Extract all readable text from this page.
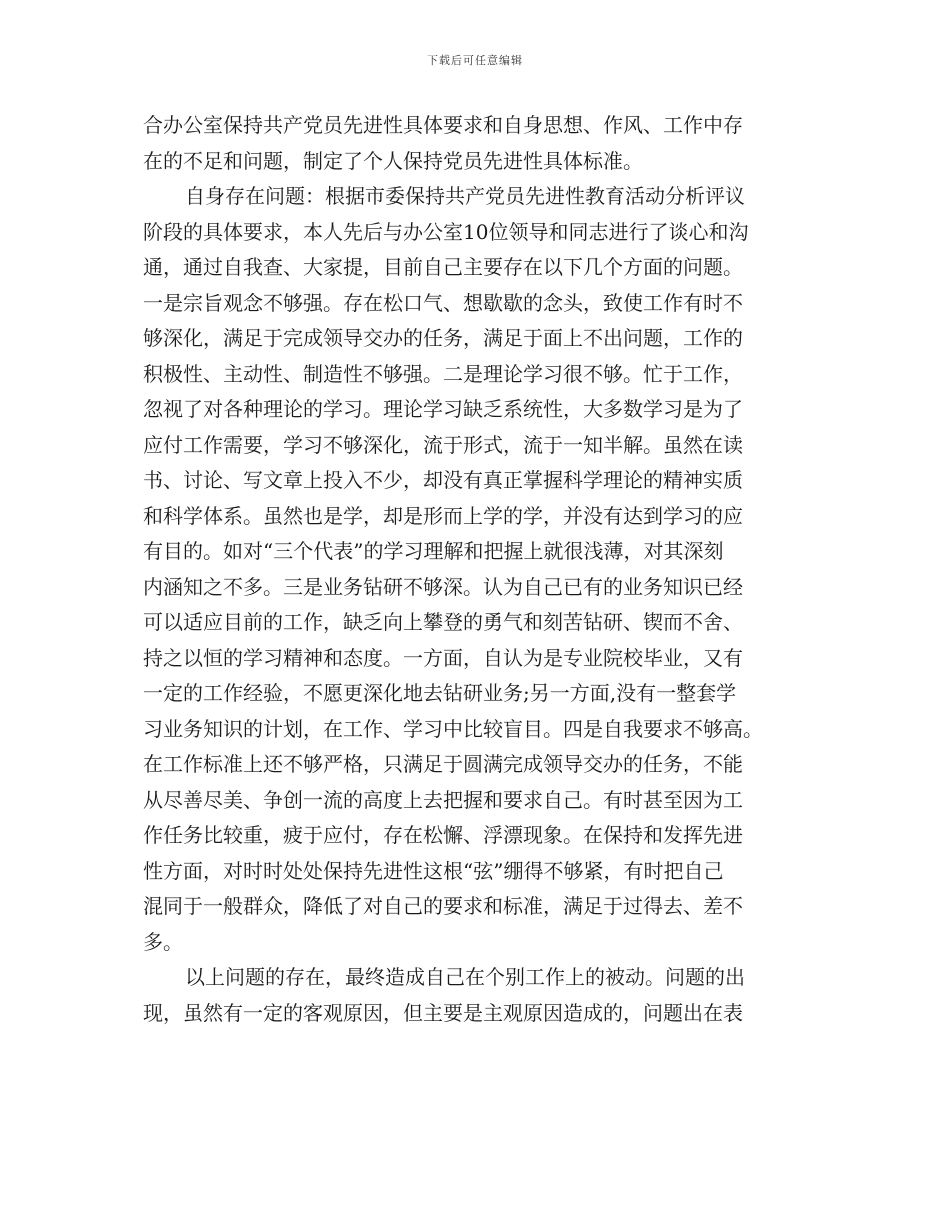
下载后可任意编辑
合办公室保持共产党员先进性具体要求和自身思想、作风、工作中存
在的不足和问题，制定了个人保持党员先进性具体标准。
自身存在问题：根据市委保持共产党员先进性教育活动分析评议
阶段的具体要求，本人先后与办公室10位领导和同志进行了谈心和沟
通，通过自我查、大家提，目前自己主要存在以下几个方面的问题。
一是宗旨观念不够强。存在松口气、想歇歇的念头，致使工作有时不
够深化，满足于完成领导交办的任务，满足于面上不出问题，工作的
积极性、主动性、制造性不够强。二是理论学习很不够。忙于工作，
忽视了对各种理论的学习。理论学习缺乏系统性，大多数学习是为了
应付工作需要，学习不够深化，流于形式，流于一知半解。虽然在读
书、讨论、写文章上投入不少，却没有真正掌握科学理论的精神实质
和科学体系。虽然也是学，却是形而上学的学，并没有达到学习的应
有目的。如对“三个代表”的学习理解和把握上就很浅薄，对其深刻
内涵知之不多。三是业务钻研不够深。认为自己已有的业务知识已经
可以适应目前的工作，缺乏向上攀登的勇气和刻苦钻研、锲而不舍、
持之以恒的学习精神和态度。一方面，自认为是专业院校毕业，又有
一定的工作经验，不愿更深化地去钻研业务;另一方面,没有一整套学
习业务知识的计划，在工作、学习中比较盲目。四是自我要求不够高。
在工作标准上还不够严格，只满足于圆满完成领导交办的任务，不能
从尽善尽美、争创一流的高度上去把握和要求自己。有时甚至因为工
作任务比较重，疲于应付，存在松懈、浮漂现象。在保持和发挥先进
性方面，对时时处处保持先进性这根“弦”绷得不够紧，有时把自己
混同于一般群众，降低了对自己的要求和标准，满足于过得去、差不
多。
以上问题的存在，最终造成自己在个别工作上的被动。问题的出
现，虽然有一定的客观原因，但主要是主观原因造成的，问题出在表
